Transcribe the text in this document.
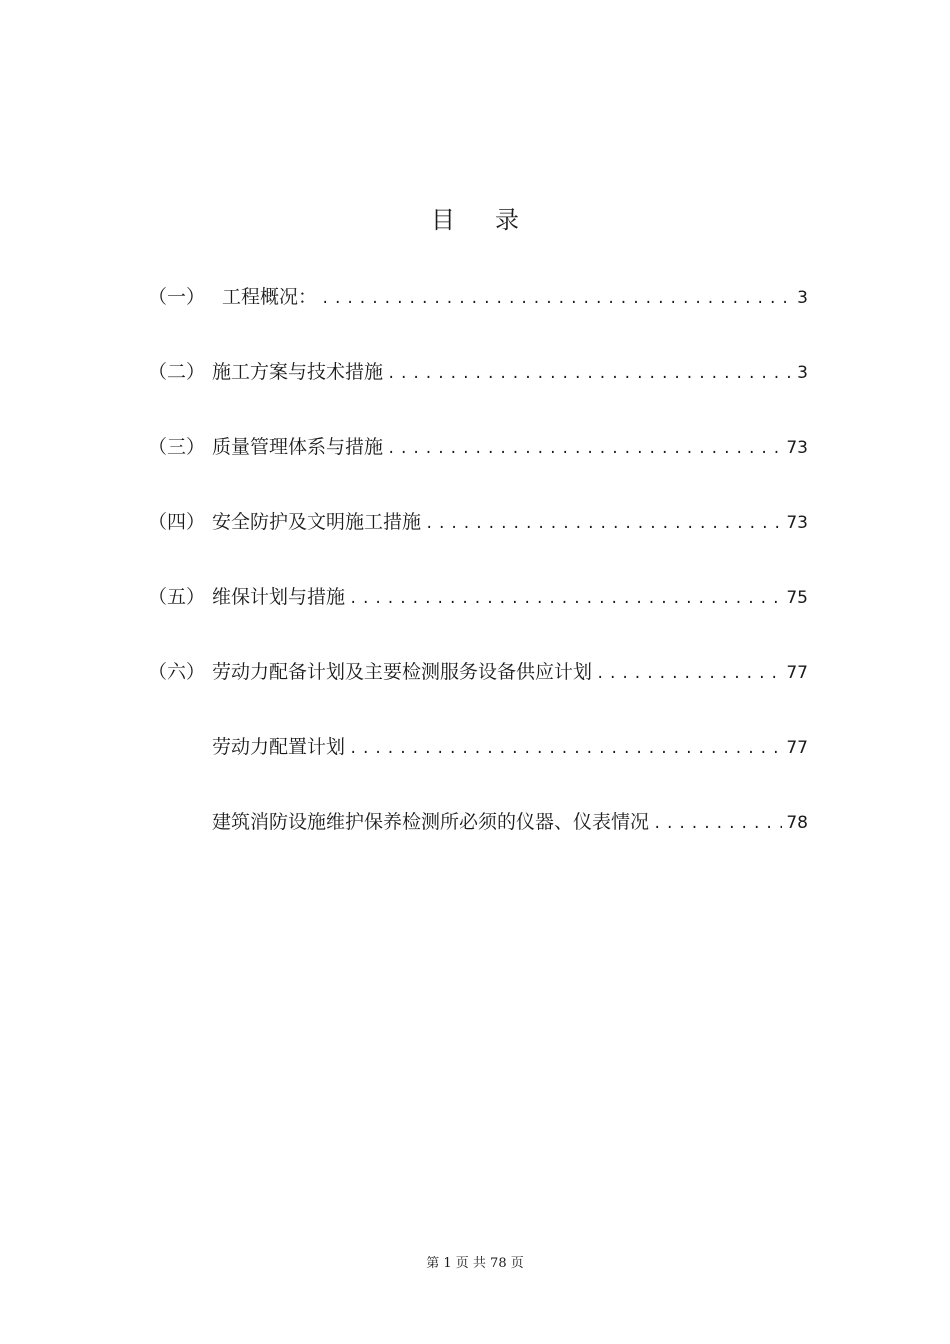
目 录
（一） 工程概况： .....	3
（二） 施工方案与技术措施 .....	3
（三） 质量管理体系与措施 .....	73
（四） 安全防护及文明施工措施 .....	73
（五） 维保计划与措施 .....	75
（六） 劳动力配备计划及主要检测服务设备供应计划 .....	77
劳动力配置计划 .....	77
建筑消防设施维护保养检测所必须的仪器、仪表情况 .....	78
第 1 页 共 78 页
